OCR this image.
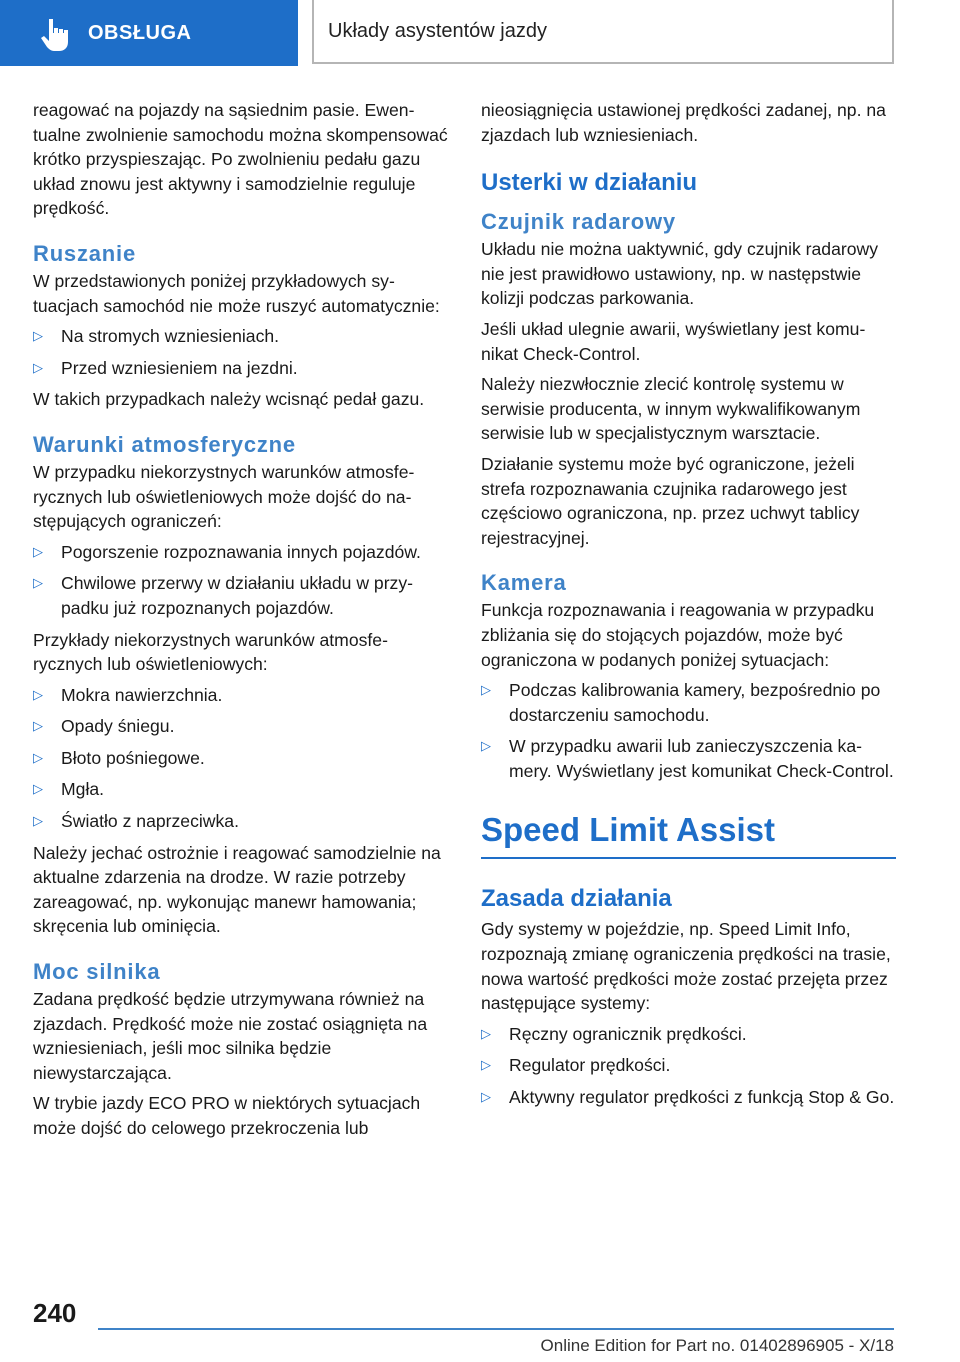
OBSŁUGA	Układy asystentów jazdy

reagować na pojazdy na sąsiednim pasie. Ewentualne zwolnienie samochodu można skompensować krótko przyspieszając. Po zwolnieniu pedału gazu układ znowu jest aktywny i samodzielnie reguluje prędkość.

Ruszanie

W przedstawionych poniżej przykładowych sytuacjach samochód nie może ruszyć automatycznie:

▷ Na stromych wzniesieniach.
▷ Przed wzniesieniem na jezdni.

W takich przypadkach należy wcisnąć pedał gazu.

Warunki atmosferyczne

W przypadku niekorzystnych warunków atmosferycznych lub oświetleniowych może dojść do następujących ograniczeń:

▷ Pogorszenie rozpoznawania innych pojazdów.
▷ Chwilowe przerwy w działaniu układu w przypadku już rozpoznanych pojazdów.

Przykłady niekorzystnych warunków atmosferycznych lub oświetleniowych:

▷ Mokra nawierzchnia.
▷ Opady śniegu.
▷ Błoto pośniegowe.
▷ Mgła.
▷ Światło z naprzeciwka.

Należy jechać ostrożnie i reagować samodzielnie na aktualne zdarzenia na drodze. W razie potrzeby zareagować, np. wykonując manewr hamowania; skręcenia lub ominięcia.

Moc silnika

Zadana prędkość będzie utrzymywana również na zjazdach. Prędkość może nie zostać osiągnięta na wzniesieniach, jeśli moc silnika będzie niewystarczająca.

W trybie jazdy ECO PRO w niektórych sytuacjach może dojść do celowego przekroczenia lub

nieosiągnięcia ustawionej prędkości zadanej, np. na zjazdach lub wzniesieniach.

Usterki w działaniu
Czujnik radarowy

Układu nie można uaktywnić, gdy czujnik radarowy nie jest prawidłowo ustawiony, np. w następstwie kolizji podczas parkowania.

Jeśli układ ulegnie awarii, wyświetlany jest komunikat Check-Control.

Należy niezwłocznie zlecić kontrolę systemu w serwisie producenta, w innym wykwalifikowanym serwisie lub w specjalistycznym warsztacie.

Działanie systemu może być ograniczone, jeżeli strefa rozpoznawania czujnika radarowego jest częściowo ograniczona, np. przez uchwyt tablicy rejestracyjnej.

Kamera

Funkcja rozpoznawania i reagowania w przypadku zbliżania się do stojących pojazdów, może być ograniczona w podanych poniżej sytuacjach:

▷ Podczas kalibrowania kamery, bezpośrednio po dostarczeniu samochodu.
▷ W przypadku awarii lub zanieczyszczenia kamery. Wyświetlany jest komunikat Check-Control.
Speed Limit Assist
Zasada działania

Gdy systemy w pojeździe, np. Speed Limit Info, rozpoznają zmianę ograniczenia prędkości na trasie, nowa wartość prędkości może zostać przejęta przez następujące systemy:

▷ Ręczny ogranicznik prędkości.
▷ Regulator prędkości.
▷ Aktywny regulator prędkości z funkcją Stop & Go.
240
Online Edition for Part no. 01402896905 - X/18
